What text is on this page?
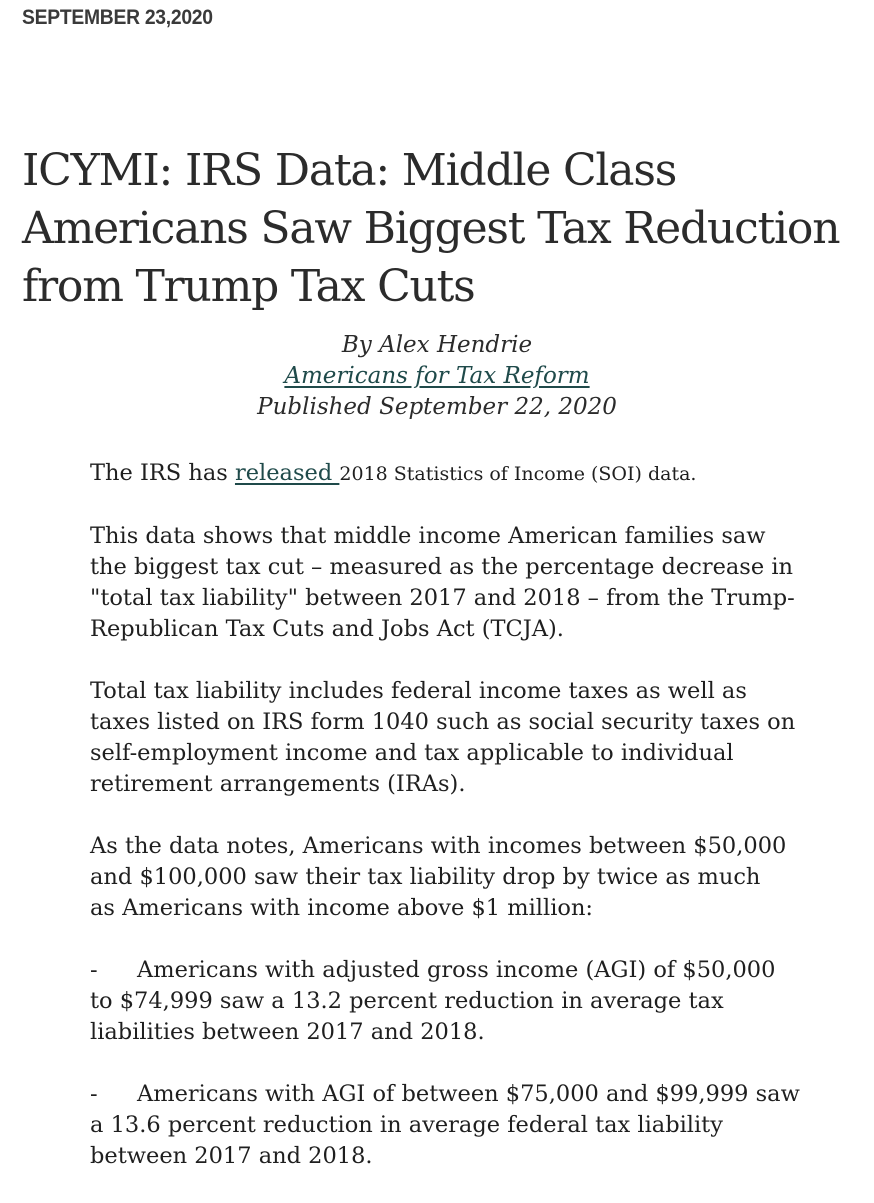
SEPTEMBER 23,2020
ICYMI: IRS Data: Middle Class
Americans Saw Biggest Tax Reduction
from Trump Tax Cuts
By Alex Hendrie
Americans for Tax Reform
Published September 22, 2020

The IRS has released 2018 Statistics of Income (SOI) data.

This data shows that middle income American families saw
the biggest tax cut – measured as the percentage decrease in
"total tax liability" between 2017 and 2018 – from the Trump-
Republican Tax Cuts and Jobs Act (TCJA).

Total tax liability includes federal income taxes as well as
taxes listed on IRS form 1040 such as social security taxes on
self-employment income and tax applicable to individual
retirement arrangements (IRAs).

As the data notes, Americans with incomes between $50,000
and $100,000 saw their tax liability drop by twice as much
as Americans with income above $1 million:

- Americans with adjusted gross income (AGI) of $50,000
to $74,999 saw a 13.2 percent reduction in average tax
liabilities between 2017 and 2018.

- Americans with AGI of between $75,000 and $99,999 saw
a 13.6 percent reduction in average federal tax liability
between 2017 and 2018.
